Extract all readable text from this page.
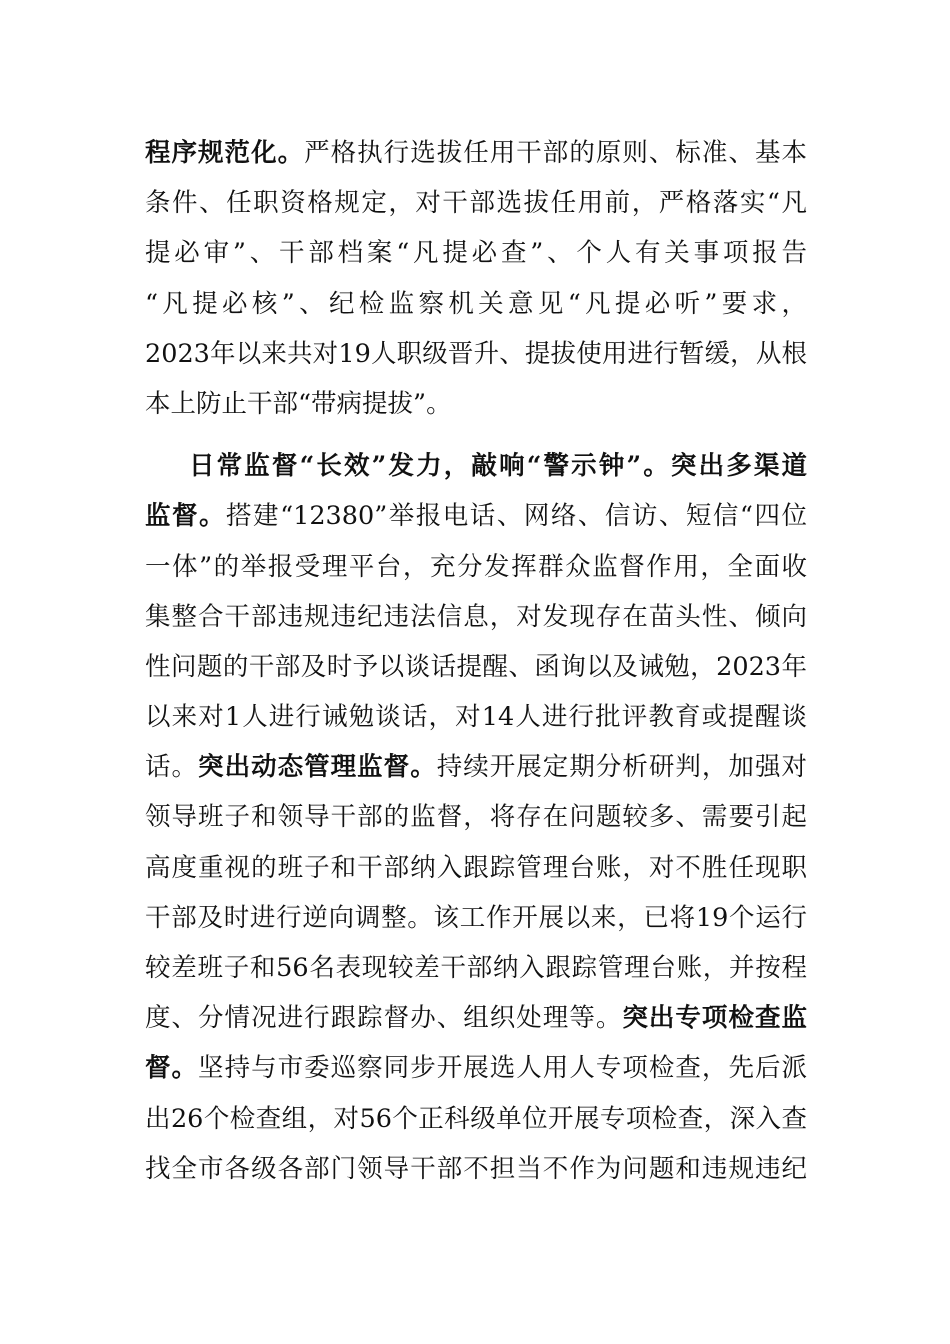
程序规范化。严格执行选拔任用干部的原则、标准、基本
条件、任职资格规定，对干部选拔任用前，严格落实“凡
提必审”、干部档案“凡提必查”、个人有关事项报告
“凡提必核”、纪检监察机关意见“凡提必听”要求，
2023年以来共对19人职级晋升、提拔使用进行暂缓，从根
本上防止干部“带病提拔”。
日常监督“长效”发力，敲响“警示钟”。突出多渠道
监督。搭建“12380”举报电话、网络、信访、短信“四位
一体”的举报受理平台，充分发挥群众监督作用，全面收
集整合干部违规违纪违法信息，对发现存在苗头性、倾向
性问题的干部及时予以谈话提醒、函询以及诫勉，2023年
以来对1人进行诫勉谈话，对14人进行批评教育或提醒谈
话。突出动态管理监督。持续开展定期分析研判，加强对
领导班子和领导干部的监督，将存在问题较多、需要引起
高度重视的班子和干部纳入跟踪管理台账，对不胜任现职
干部及时进行逆向调整。该工作开展以来，已将19个运行
较差班子和56名表现较差干部纳入跟踪管理台账，并按程
度、分情况进行跟踪督办、组织处理等。突出专项检查监
督。坚持与市委巡察同步开展选人用人专项检查，先后派
出26个检查组，对56个正科级单位开展专项检查，深入查
找全市各级各部门领导干部不担当不作为问题和违规违纪
